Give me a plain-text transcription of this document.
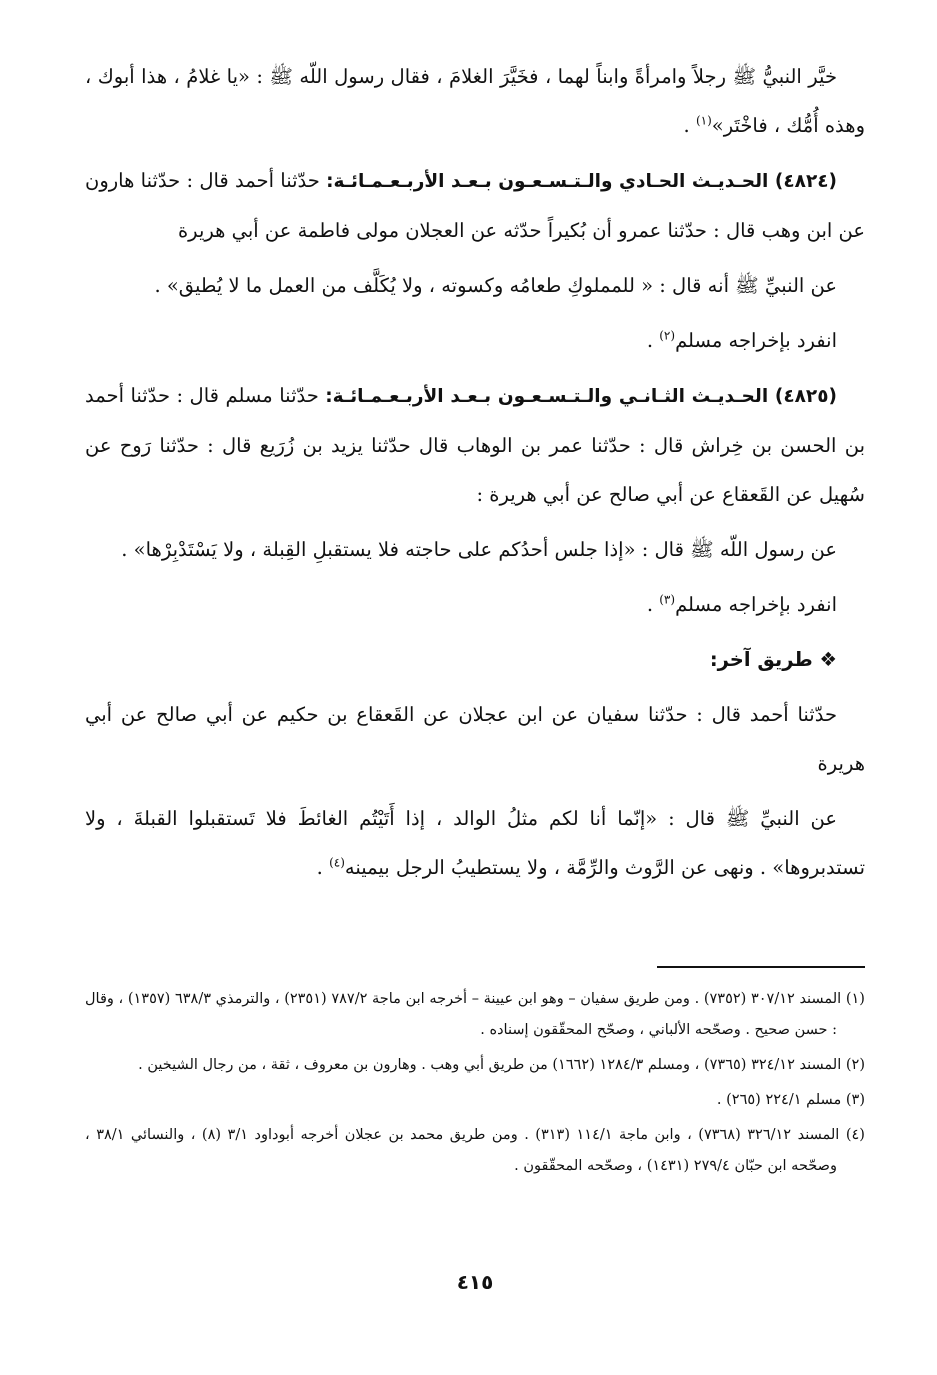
خيَّر النبيُّ ﷺ رجلاً وامرأةً وابناً لهما ، فخَيَّرَ الغلامَ ، فقال رسول اللّه ﷺ : «يا غلامُ ، هذا أبوك ، وهذه أُمُّك ، فاخْتَر»$^{(١)}$ .

(٤٨٢٤) الحـديـث الحـادي والـتـسـعـون بـعـد الأربـعـمـائـة: حدّثنا أحمد قال : حدّثنا هارون عن ابن وهب قال : حدّثنا عمرو أن بُكيراً حدّثه عن العجلان مولى فاطمة عن أبي هريرة

عن النبيِّ ﷺ أنه قال : « للمملوكِ طعامُه وكسوته ، ولا يُكَلَّف من العمل ما لا يُطيق» .

انفرد بإخراجه مسلم$^{(٢)}$ .

(٤٨٢٥) الحـديـث الثـانـي والـتـسـعـون بـعـد الأربـعـمـائـة: حدّثنا مسلم قال : حدّثنا أحمد بن الحسن بن خِراش قال : حدّثنا عمر بن الوهاب قال حدّثنا يزيد بن زُرَيع قال : حدّثنا رَوح عن سُهيل عن القَعقاع عن أبي صالح عن أبي هريرة :

عن رسول اللّه ﷺ قال : «إذا جلس أحدُكم على حاجته فلا يستقبلِ القِبلة ، ولا يَسْتَدْبِرْها» .

انفرد بإخراجه مسلم$^{(٣)}$ .

❖ طريق آخر:

حدّثنا أحمد قال : حدّثنا سفيان عن ابن عجلان عن القَعقاع بن حكيم عن أبي صالح عن أبي هريرة

عن النبيِّ ﷺ قال : «إنّما أنا لكم مثلُ الوالد ، إذا أَتَيْتُم الغائطَ فلا تَستقبلوا القبلةَ ، ولا تستدبروها» . ونهى عن الرَّوث والرِّمَّة ، ولا يستطيبُ الرجل بيمينه$^{(٤)}$ .

(١) المسند ٣٠٧/١٢ (٧٣٥٢) . ومن طريق سفيان – وهو ابن عيينة – أخرجه ابن ماجة ٧٨٧/٢ (٢٣٥١) ، والترمذي ٦٣٨/٣ (١٣٥٧) ، وقال : حسن صحيح . وصحّحه الألباني ، وصحّح المحقّقون إسناده .

(٢) المسند ٣٢٤/١٢ (٧٣٦٥) ، ومسلم ١٢٨٤/٣ (١٦٦٢) من طريق أبي وهب . وهارون بن معروف ، ثقة ، من رجال الشيخين .

(٣) مسلم ٢٢٤/١ (٢٦٥) .

(٤) المسند ٣٢٦/١٢ (٧٣٦٨) ، وابن ماجة ١١٤/١ (٣١٣) . ومن طريق محمد بن عجلان أخرجه أبوداود ٣/١ (٨) ، والنسائي ٣٨/١ ، وصحّحه ابن حبّان ٢٧٩/٤ (١٤٣١) ، وصحّحه المحقّقون .

٤١٥
